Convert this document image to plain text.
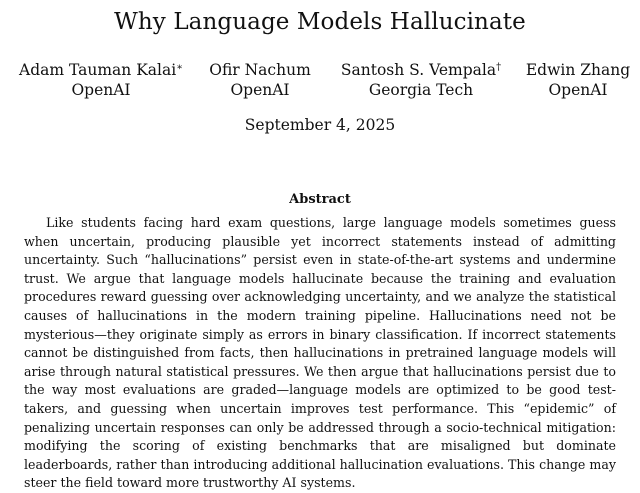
Why Language Models Hallucinate
Adam Tauman Kalai∗
OpenAI
Ofir Nachum
OpenAI
Santosh S. Vempala†
Georgia Tech
Edwin Zhang
OpenAI
September 4, 2025
Abstract

Like students facing hard exam questions, large language models sometimes guess when uncertain, producing plausible yet incorrect statements instead of admitting uncertainty. Such “hallucinations” persist even in state-of-the-art systems and undermine trust. We argue that language models hallucinate because the training and evaluation procedures reward guessing over acknowledging uncertainty, and we analyze the statistical causes of hallucinations in the modern training pipeline. Hallucinations need not be mysterious—they originate simply as errors in binary classification. If incorrect statements cannot be distinguished from facts, then hallucinations in pretrained language models will arise through natural statistical pressures. We then argue that hallucinations persist due to the way most evaluations are graded—language models are optimized to be good test-takers, and guessing when uncertain improves test performance. This “epidemic” of penalizing uncertain responses can only be addressed through a socio-technical mitigation: modifying the scoring of existing benchmarks that are misaligned but dominate leaderboards, rather than introducing additional hallucination evaluations. This change may steer the field toward more trustworthy AI systems.
